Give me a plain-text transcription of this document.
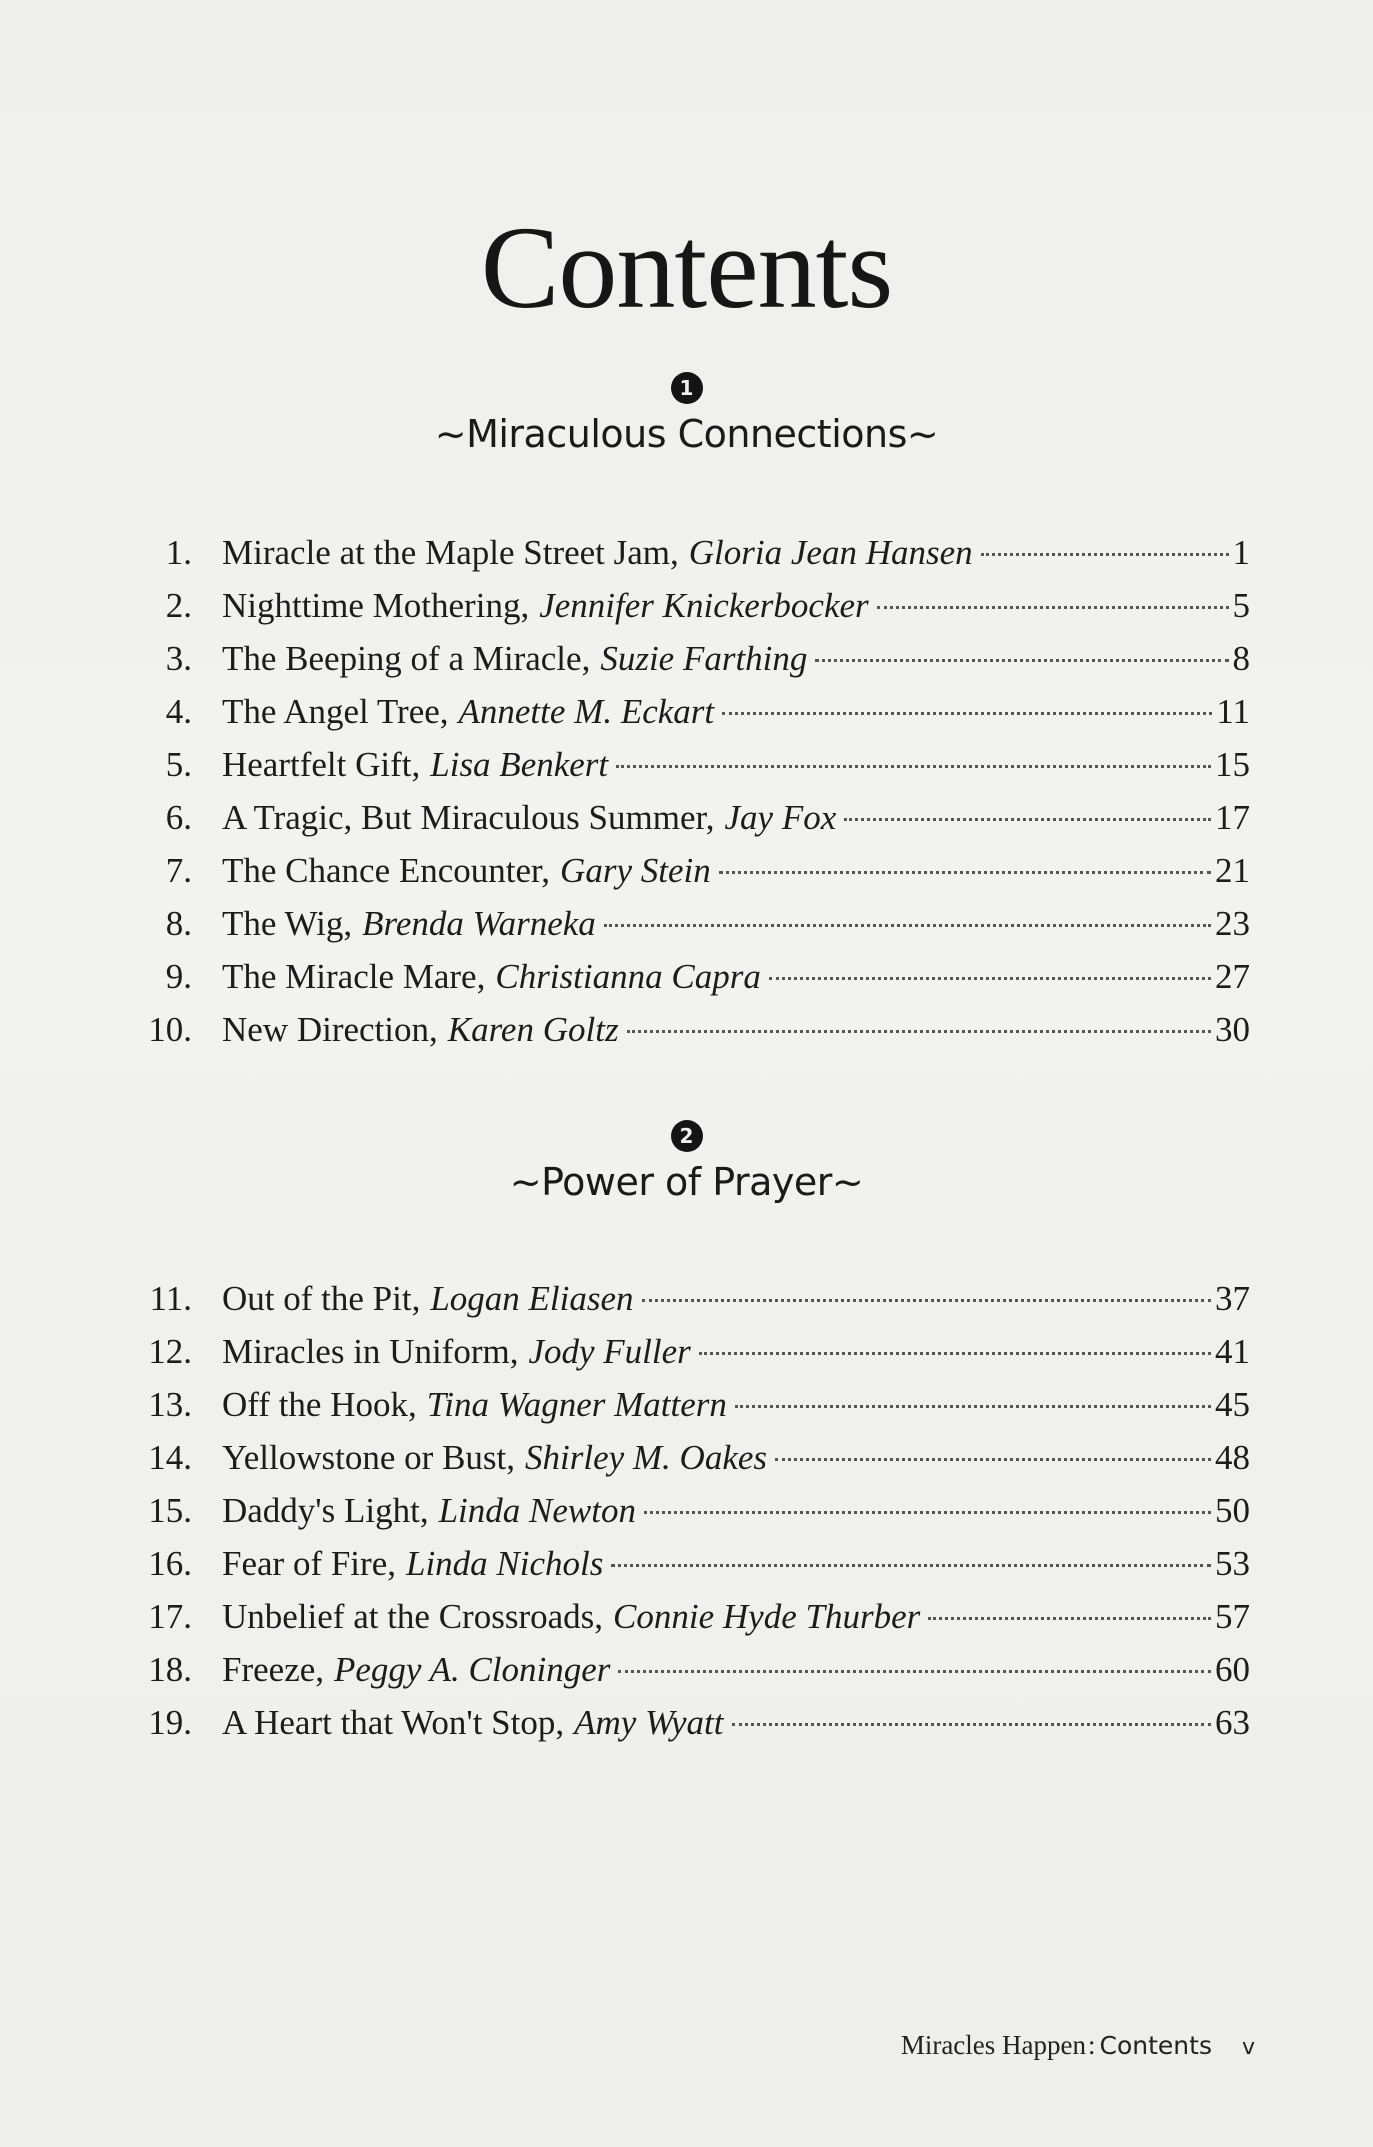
Contents
1
~Miraculous Connections~
1. Miracle at the Maple Street Jam, Gloria Jean Hansen	1
2. Nighttime Mothering, Jennifer Knickerbocker	5
3. The Beeping of a Miracle, Suzie Farthing	8
4. The Angel Tree, Annette M. Eckart	11
5. Heartfelt Gift, Lisa Benkert	15
6. A Tragic, But Miraculous Summer, Jay Fox	17
7. The Chance Encounter, Gary Stein	21
8. The Wig, Brenda Warneka	23
9. The Miracle Mare, Christianna Capra	27
10. New Direction, Karen Goltz	30
2
~Power of Prayer~
11. Out of the Pit, Logan Eliasen	37
12. Miracles in Uniform, Jody Fuller	41
13. Off the Hook, Tina Wagner Mattern	45
14. Yellowstone or Bust, Shirley M. Oakes	48
15. Daddy's Light, Linda Newton	50
16. Fear of Fire, Linda Nichols	53
17. Unbelief at the Crossroads, Connie Hyde Thurber	57
18. Freeze, Peggy A. Cloninger	60
19. A Heart that Won't Stop, Amy Wyatt	63
Miracles Happen: Contents v
